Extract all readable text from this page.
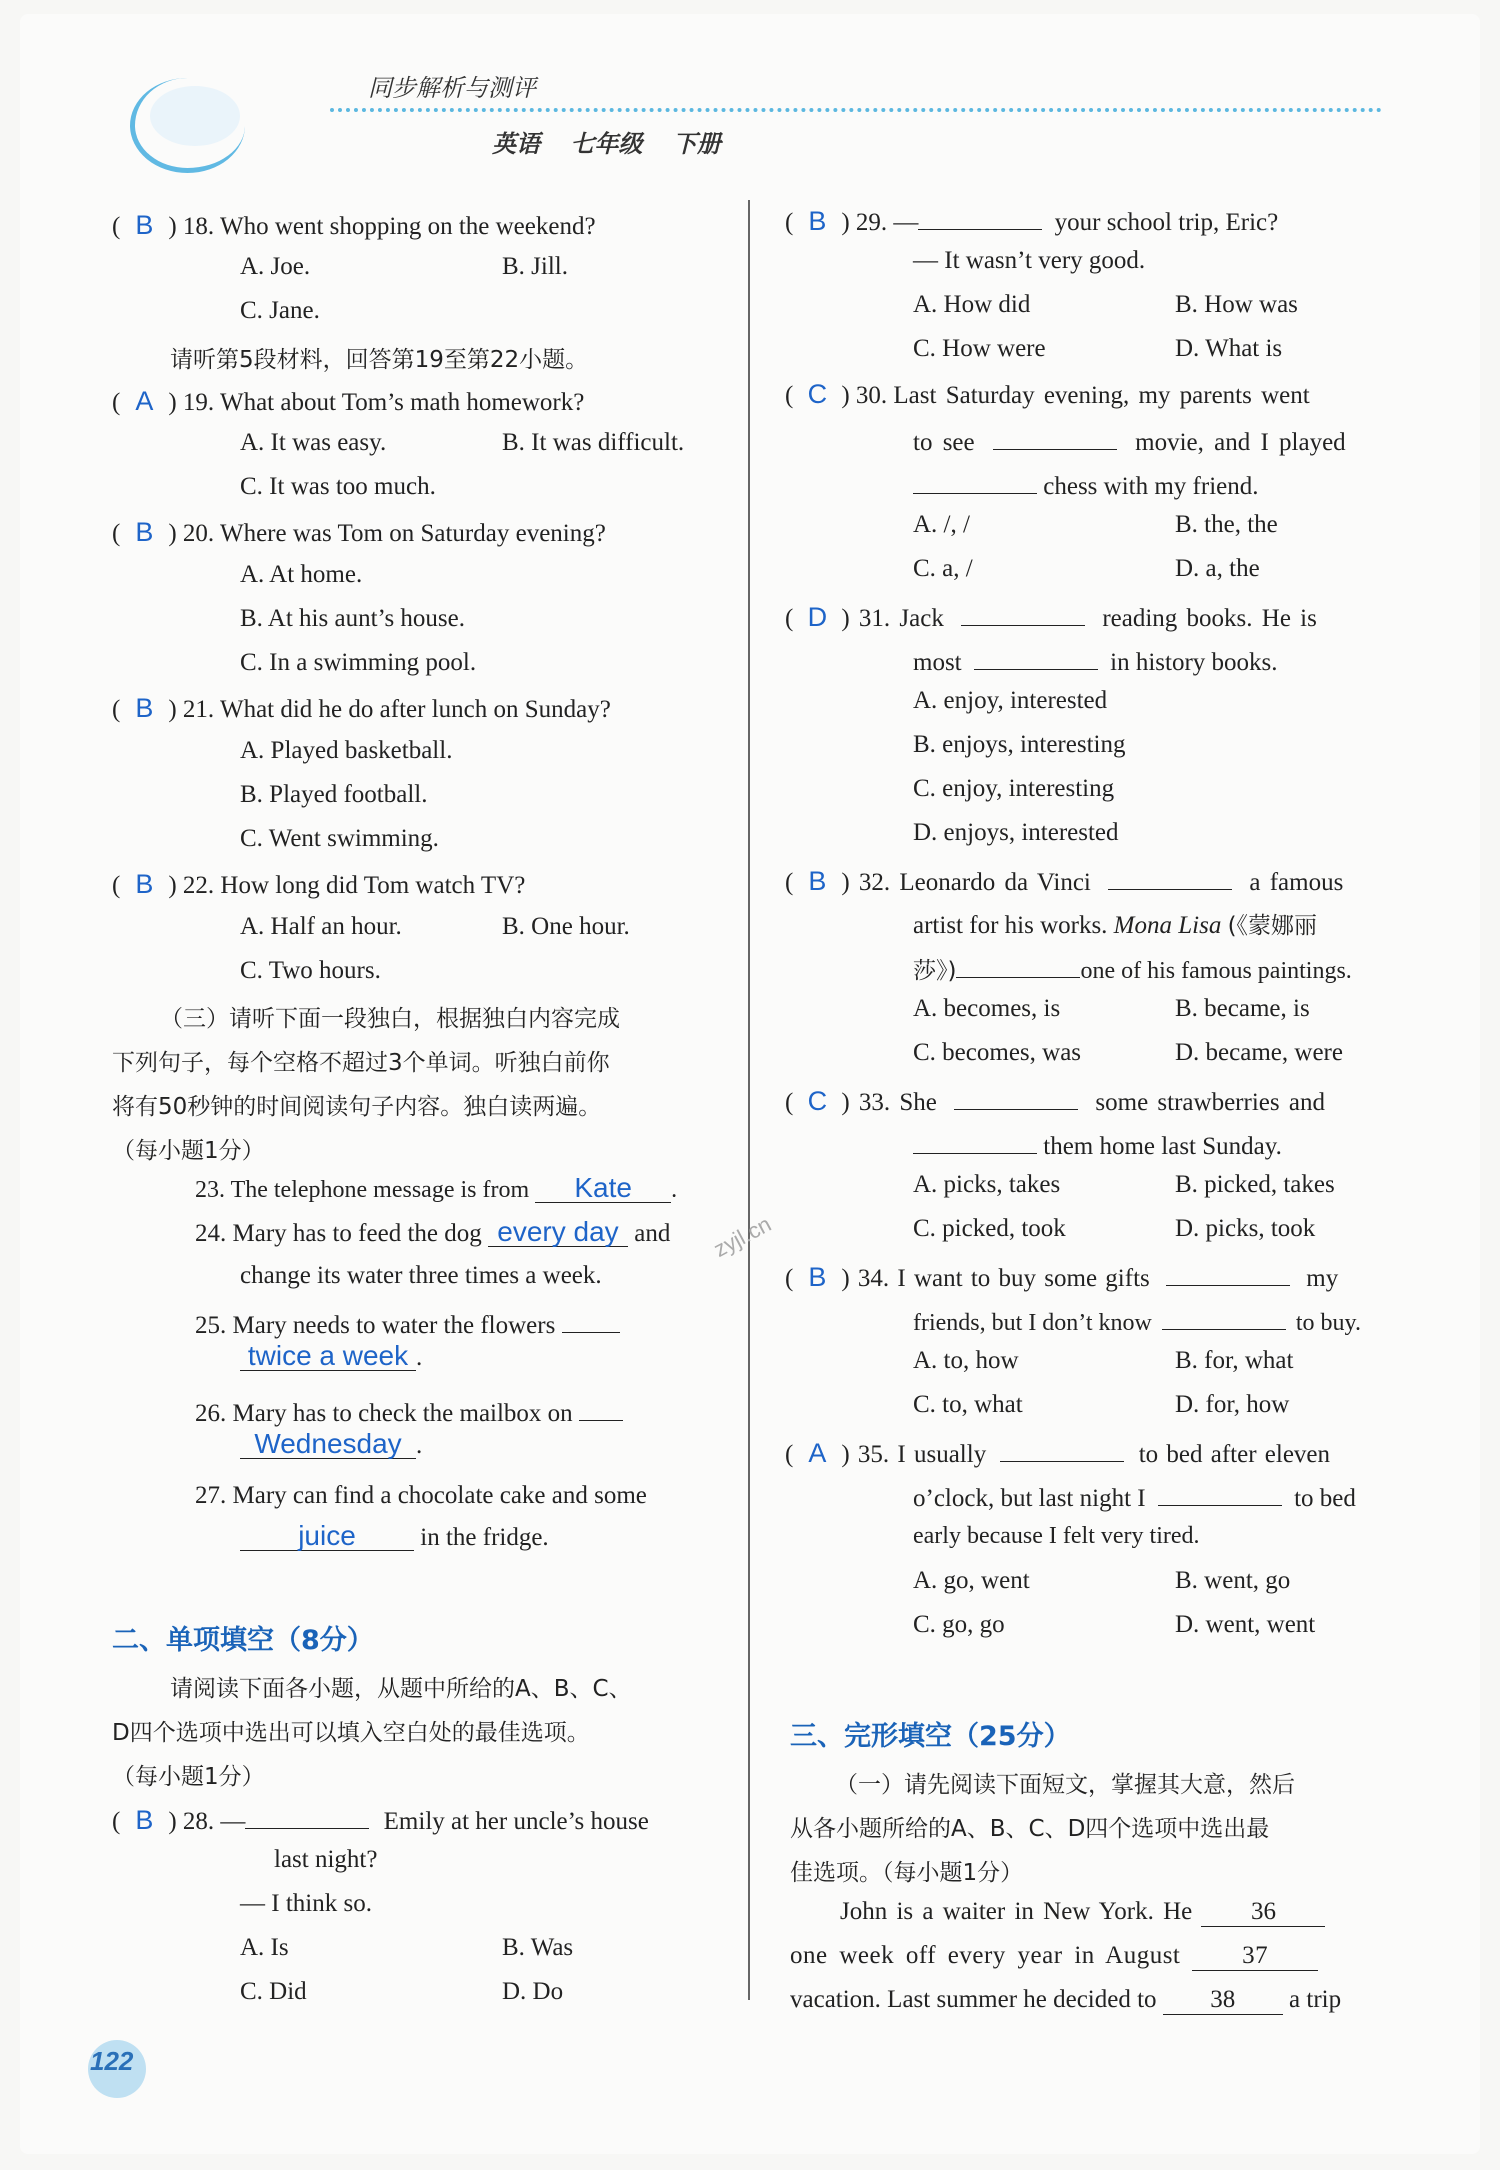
同步解析与测评
英语 七年级 下册
( B ) 18. Who went shopping on the weekend?
A. Joe.	B. Jill.
C. Jane.
请听第5段材料，回答第19至第22小题。
( A ) 19. What about Tom’s math homework?
A. It was easy.	B. It was difficult.
C. It was too much.
( B ) 20. Where was Tom on Saturday evening?
A. At home.
B. At his aunt’s house.
C. In a swimming pool.
( B ) 21. What did he do after lunch on Sunday?
A. Played basketball.
B. Played football.
C. Went swimming.
( B ) 22. How long did Tom watch TV?
A. Half an hour.	B. One hour.
C. Two hours.
（三）请听下面一段独白，根据独白内容完成
下列句子，每个空格不超过3个单词。听独白前你
将有50秒钟的时间阅读句子内容。独白读两遍。
（每小题1分）
23. The telephone message is from Kate .
24. Mary has to feed the dog every day and
change its water three times a week.
25. Mary needs to water the flowers
twice a week .
26. Mary has to check the mailbox on
Wednesday .
27. Mary can find a chocolate cake and some
juice	in the fridge.
二、单项填空（8分）
请阅读下面各小题，从题中所给的A、B、C、
D四个选项中选出可以填入空白处的最佳选项。
（每小题1分）
( B ) 28. —	Emily at her uncle’s house
last night?
— I think so.
A. Is	B. Was
C. Did	D. Do
( B ) 29. —	your school trip, Eric?
— It wasn’t very good.
A. How did	B. How was
C. How were	D. What is
( C ) 30. Last Saturday evening, my parents went
to see	movie, and I played
chess with my friend.
A. /, /	B. the, the
C. a, /	D. a, the
( D ) 31. Jack	reading books. He is
most	in history books.
A. enjoy, interested
B. enjoys, interesting
C. enjoy, interesting
D. enjoys, interested
( B ) 32. Leonardo da Vinci	a famous
artist for his works. Mona Lisa (《蒙娜丽
莎》)	one of his famous paintings.
A. becomes, is	B. became, is
C. becomes, was	D. became, were
( C ) 33. She	some strawberries and
them home last Sunday.
A. picks, takes	B. picked, takes
C. picked, took	D. picks, took
( B ) 34. I want to buy some gifts	my
friends, but I don’t know	to buy.
A. to, how	B. for, what
C. to, what	D. for, how
( A ) 35. I usually	to bed after eleven
o’clock, but last night I	to bed
early because I felt very tired.
A. go, went	B. went, go
C. go, go	D. went, went
三、完形填空（25分）
（一）请先阅读下面短文，掌握其大意，然后
从各小题所给的A、B、C、D四个选项中选出最
佳选项。（每小题1分）
John is a waiter in New York. He 36
one week off every year in August 37
vacation. Last summer he decided to 38 a trip
zyjl.cn
122
